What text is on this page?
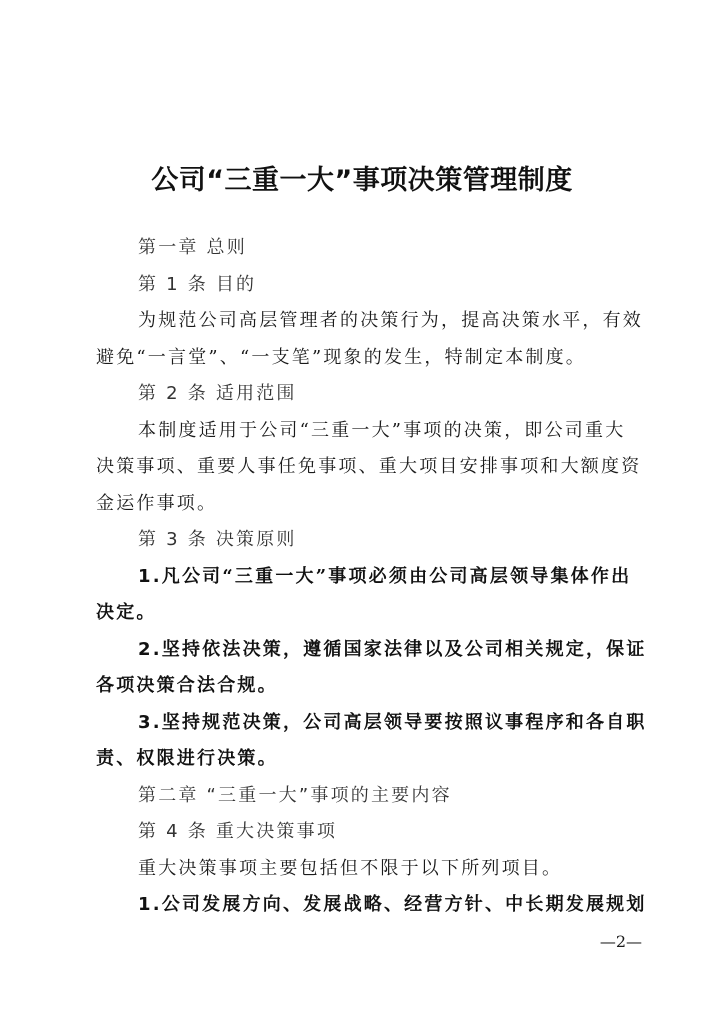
公司“三重一大”事项决策管理制度
第一章 总则
第 1 条 目的
为规范公司高层管理者的决策行为，提高决策水平，有效
避免“一言堂”、“一支笔”现象的发生，特制定本制度。
第 2 条 适用范围
本制度适用于公司“三重一大”事项的决策，即公司重大
决策事项、重要人事任免事项、重大项目安排事项和大额度资
金运作事项。
第 3 条 决策原则
1.凡公司“三重一大”事项必须由公司高层领导集体作出
决定。
2.坚持依法决策，遵循国家法律以及公司相关规定，保证
各项决策合法合规。
3.坚持规范决策，公司高层领导要按照议事程序和各自职
责、权限进行决策。
第二章 “三重一大”事项的主要内容
第 4 条 重大决策事项
重大决策事项主要包括但不限于以下所列项目。
1.公司发展方向、发展战略、经营方针、中长期发展规划
—2—
